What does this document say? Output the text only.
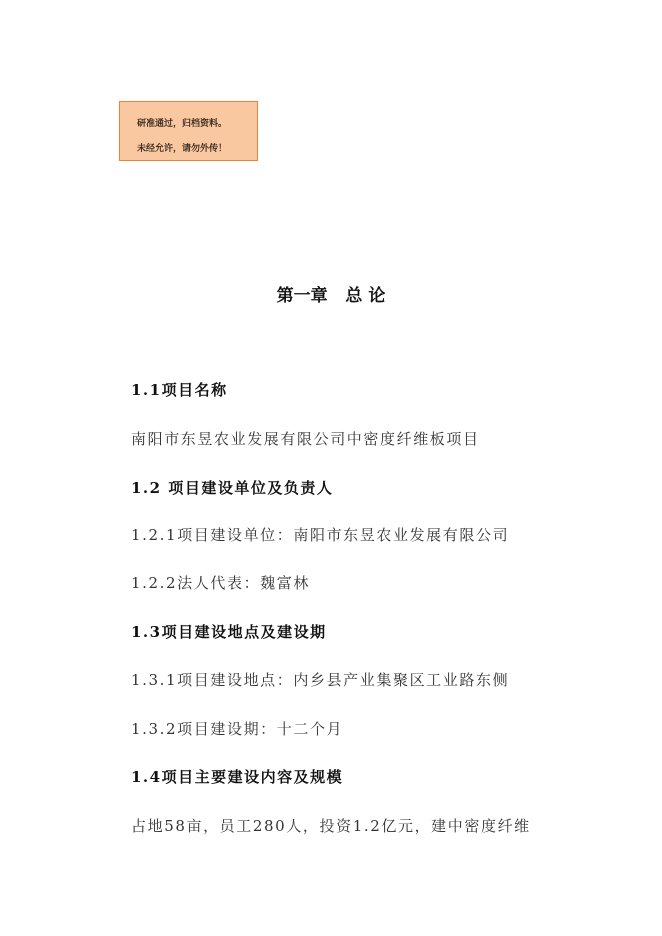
研准通过，归档资料。
未经允许，请勿外传！
第一章   总 论
1.1项目名称
南阳市东昱农业发展有限公司中密度纤维板项目
1.2 项目建设单位及负责人
1.2.1项目建设单位：南阳市东昱农业发展有限公司
1.2.2法人代表：魏富林
1.3项目建设地点及建设期
1.3.1项目建设地点：内乡县产业集聚区工业路东侧
1.3.2项目建设期：十二个月
1.4项目主要建设内容及规模
占地58亩，员工280人，投资1.2亿元，建中密度纤维
